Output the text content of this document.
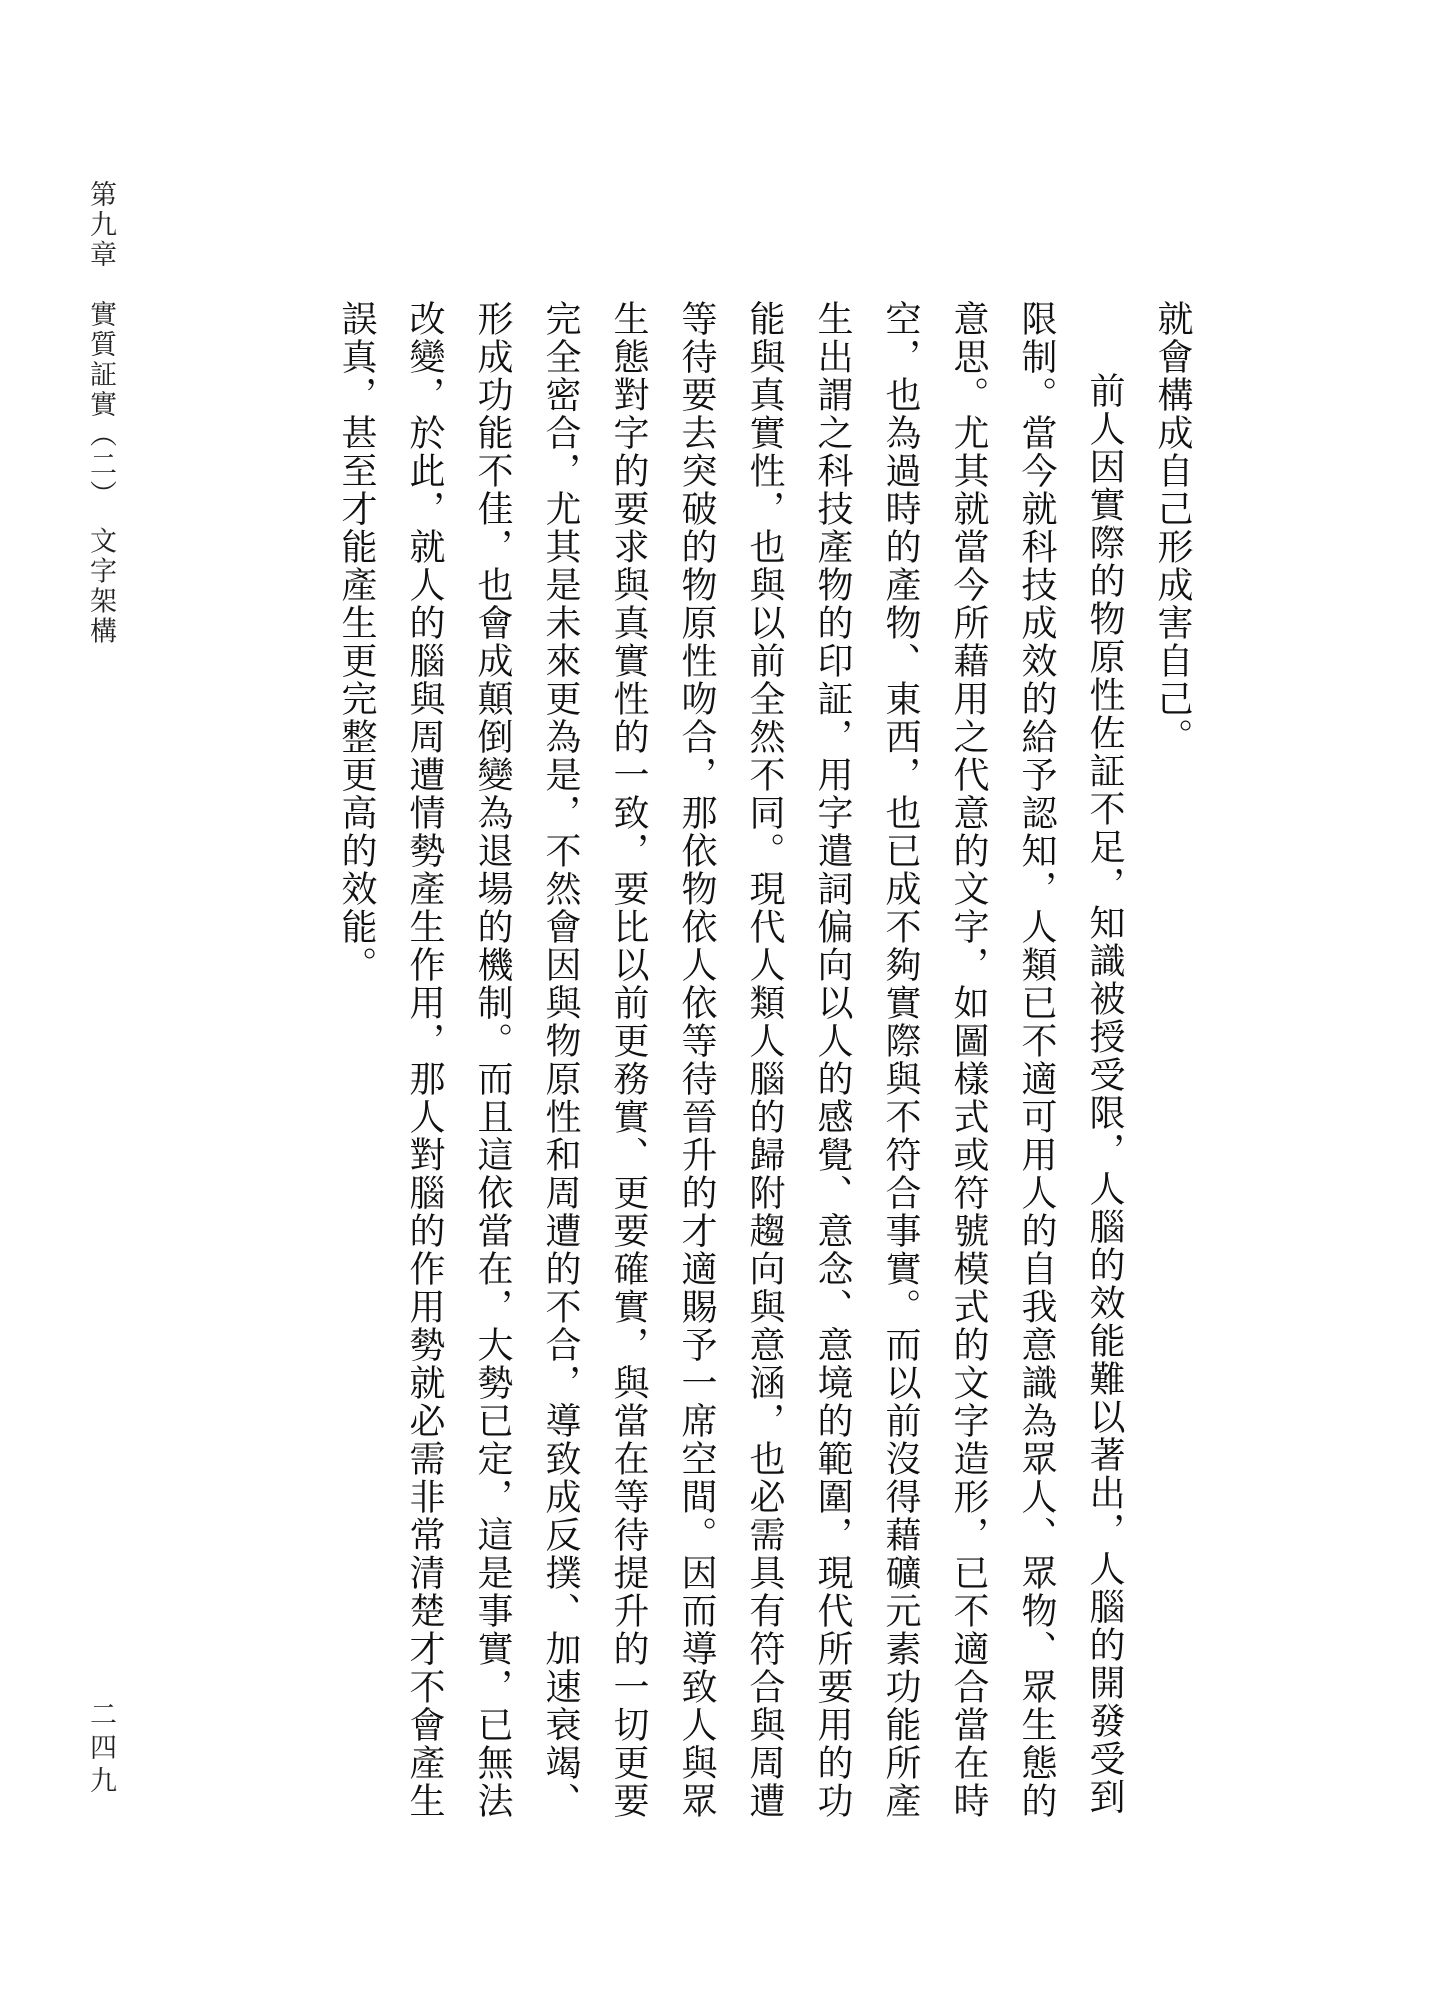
就會構成自己形成害自己。

前人因實際的物原性佐証不足，知識被授受限，人腦的效能難以著出，人腦的開發受到限制。當今就科技成效的給予認知，人類已不適可用人的自我意識為眾人、眾物、眾生態的意思。尤其就當今所藉用之代意的文字，如圖樣式或符號模式的文字造形，已不適合當在時空，也為過時的產物、東西，也已成不夠實際與不符合事實。而以前沒得藉礦元素功能所產生出謂之科技產物的印証，用字遣詞偏向以人的感覺、意念、意境的範圍，現代所要用的功能與真實性，也與以前全然不同。現代人類人腦的歸附趨向與意涵，也必需具有符合與周遭等待要去突破的物原性吻合，那依物依人依等待晉升的才適賜予一席空間。因而導致人與眾生態對字的要求與真實性的一致，要比以前更務實、更要確實，與當在等待提升的一切更要完全密合，尤其是未來更為是，不然會因與物原性和周遭的不合，導致成反撲、加速衰竭、形成功能不佳，也會成顛倒變為退場的機制。而且這依當在，大勢已定，這是事實，已無法改變，於此，就人的腦與周遭情勢產生作用，那人對腦的作用勢就必需非常清楚才不會產生誤真，甚至才能產生更完整更高的效能。

第九章　實質証實（二）　文字架構
二四九
